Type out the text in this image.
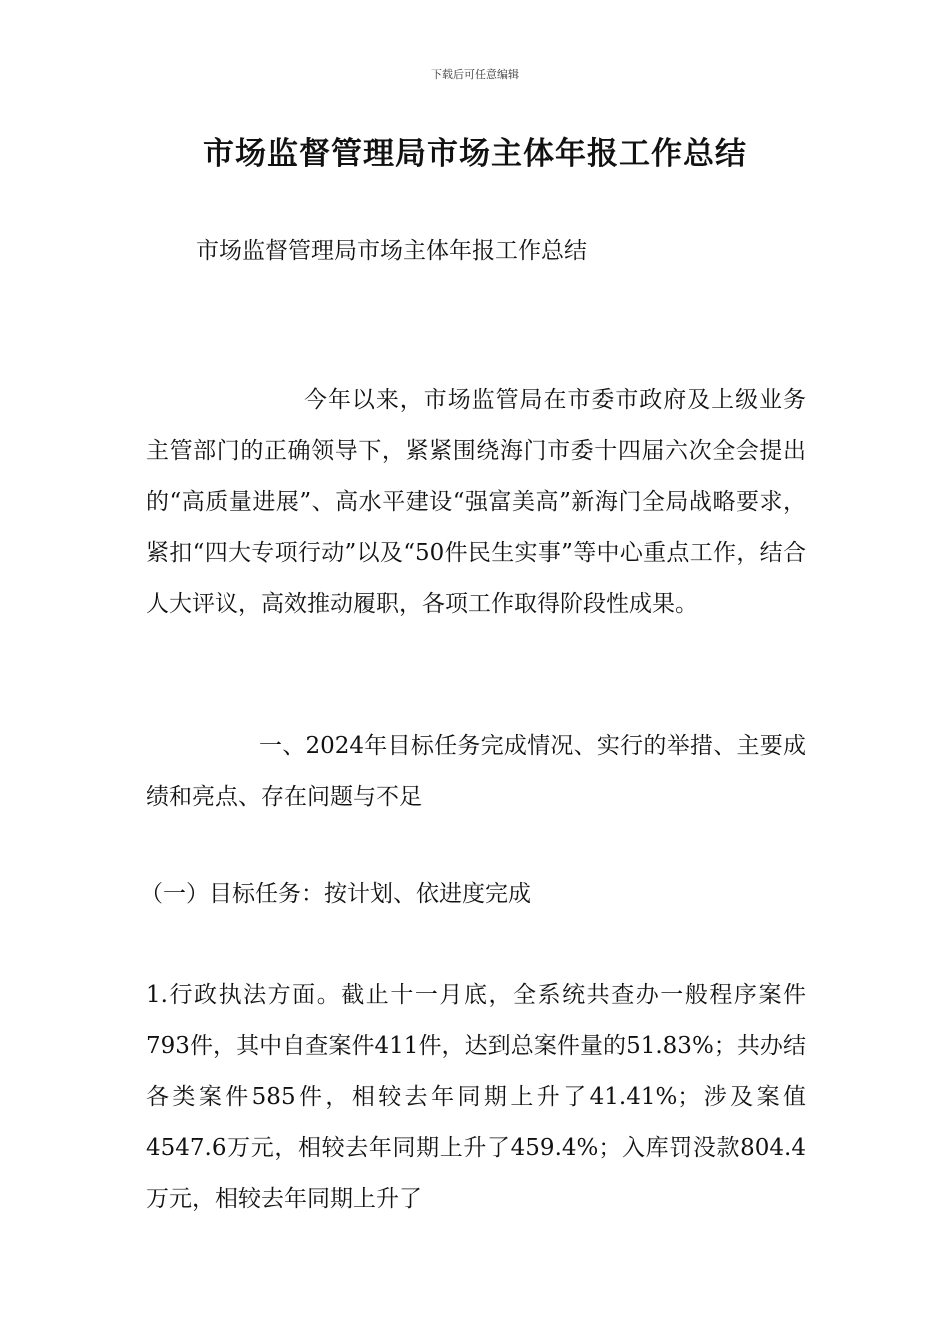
下载后可任意编辑
市场监督管理局市场主体年报工作总结

市场监督管理局市场主体年报工作总结

今年以来，市场监管局在市委市政府及上级业务主管部门的正确领导下，紧紧围绕海门市委十四届六次全会提出的“高质量进展”、高水平建设“强富美高”新海门全局战略要求，紧扣“四大专项行动”以及“50件民生实事”等中心重点工作，结合人大评议，高效推动履职，各项工作取得阶段性成果。

一、2024年目标任务完成情况、实行的举措、主要成绩和亮点、存在问题与不足

（一）目标任务：按计划、依进度完成

1.行政执法方面。截止十一月底，全系统共查办一般程序案件793件，其中自查案件411件，达到总案件量的51.83%；共办结各类案件585件，相较去年同期上升了41.41%；涉及案值4547.6万元，相较去年同期上升了459.4%；入库罚没款804.4万元，相较去年同期上升了
